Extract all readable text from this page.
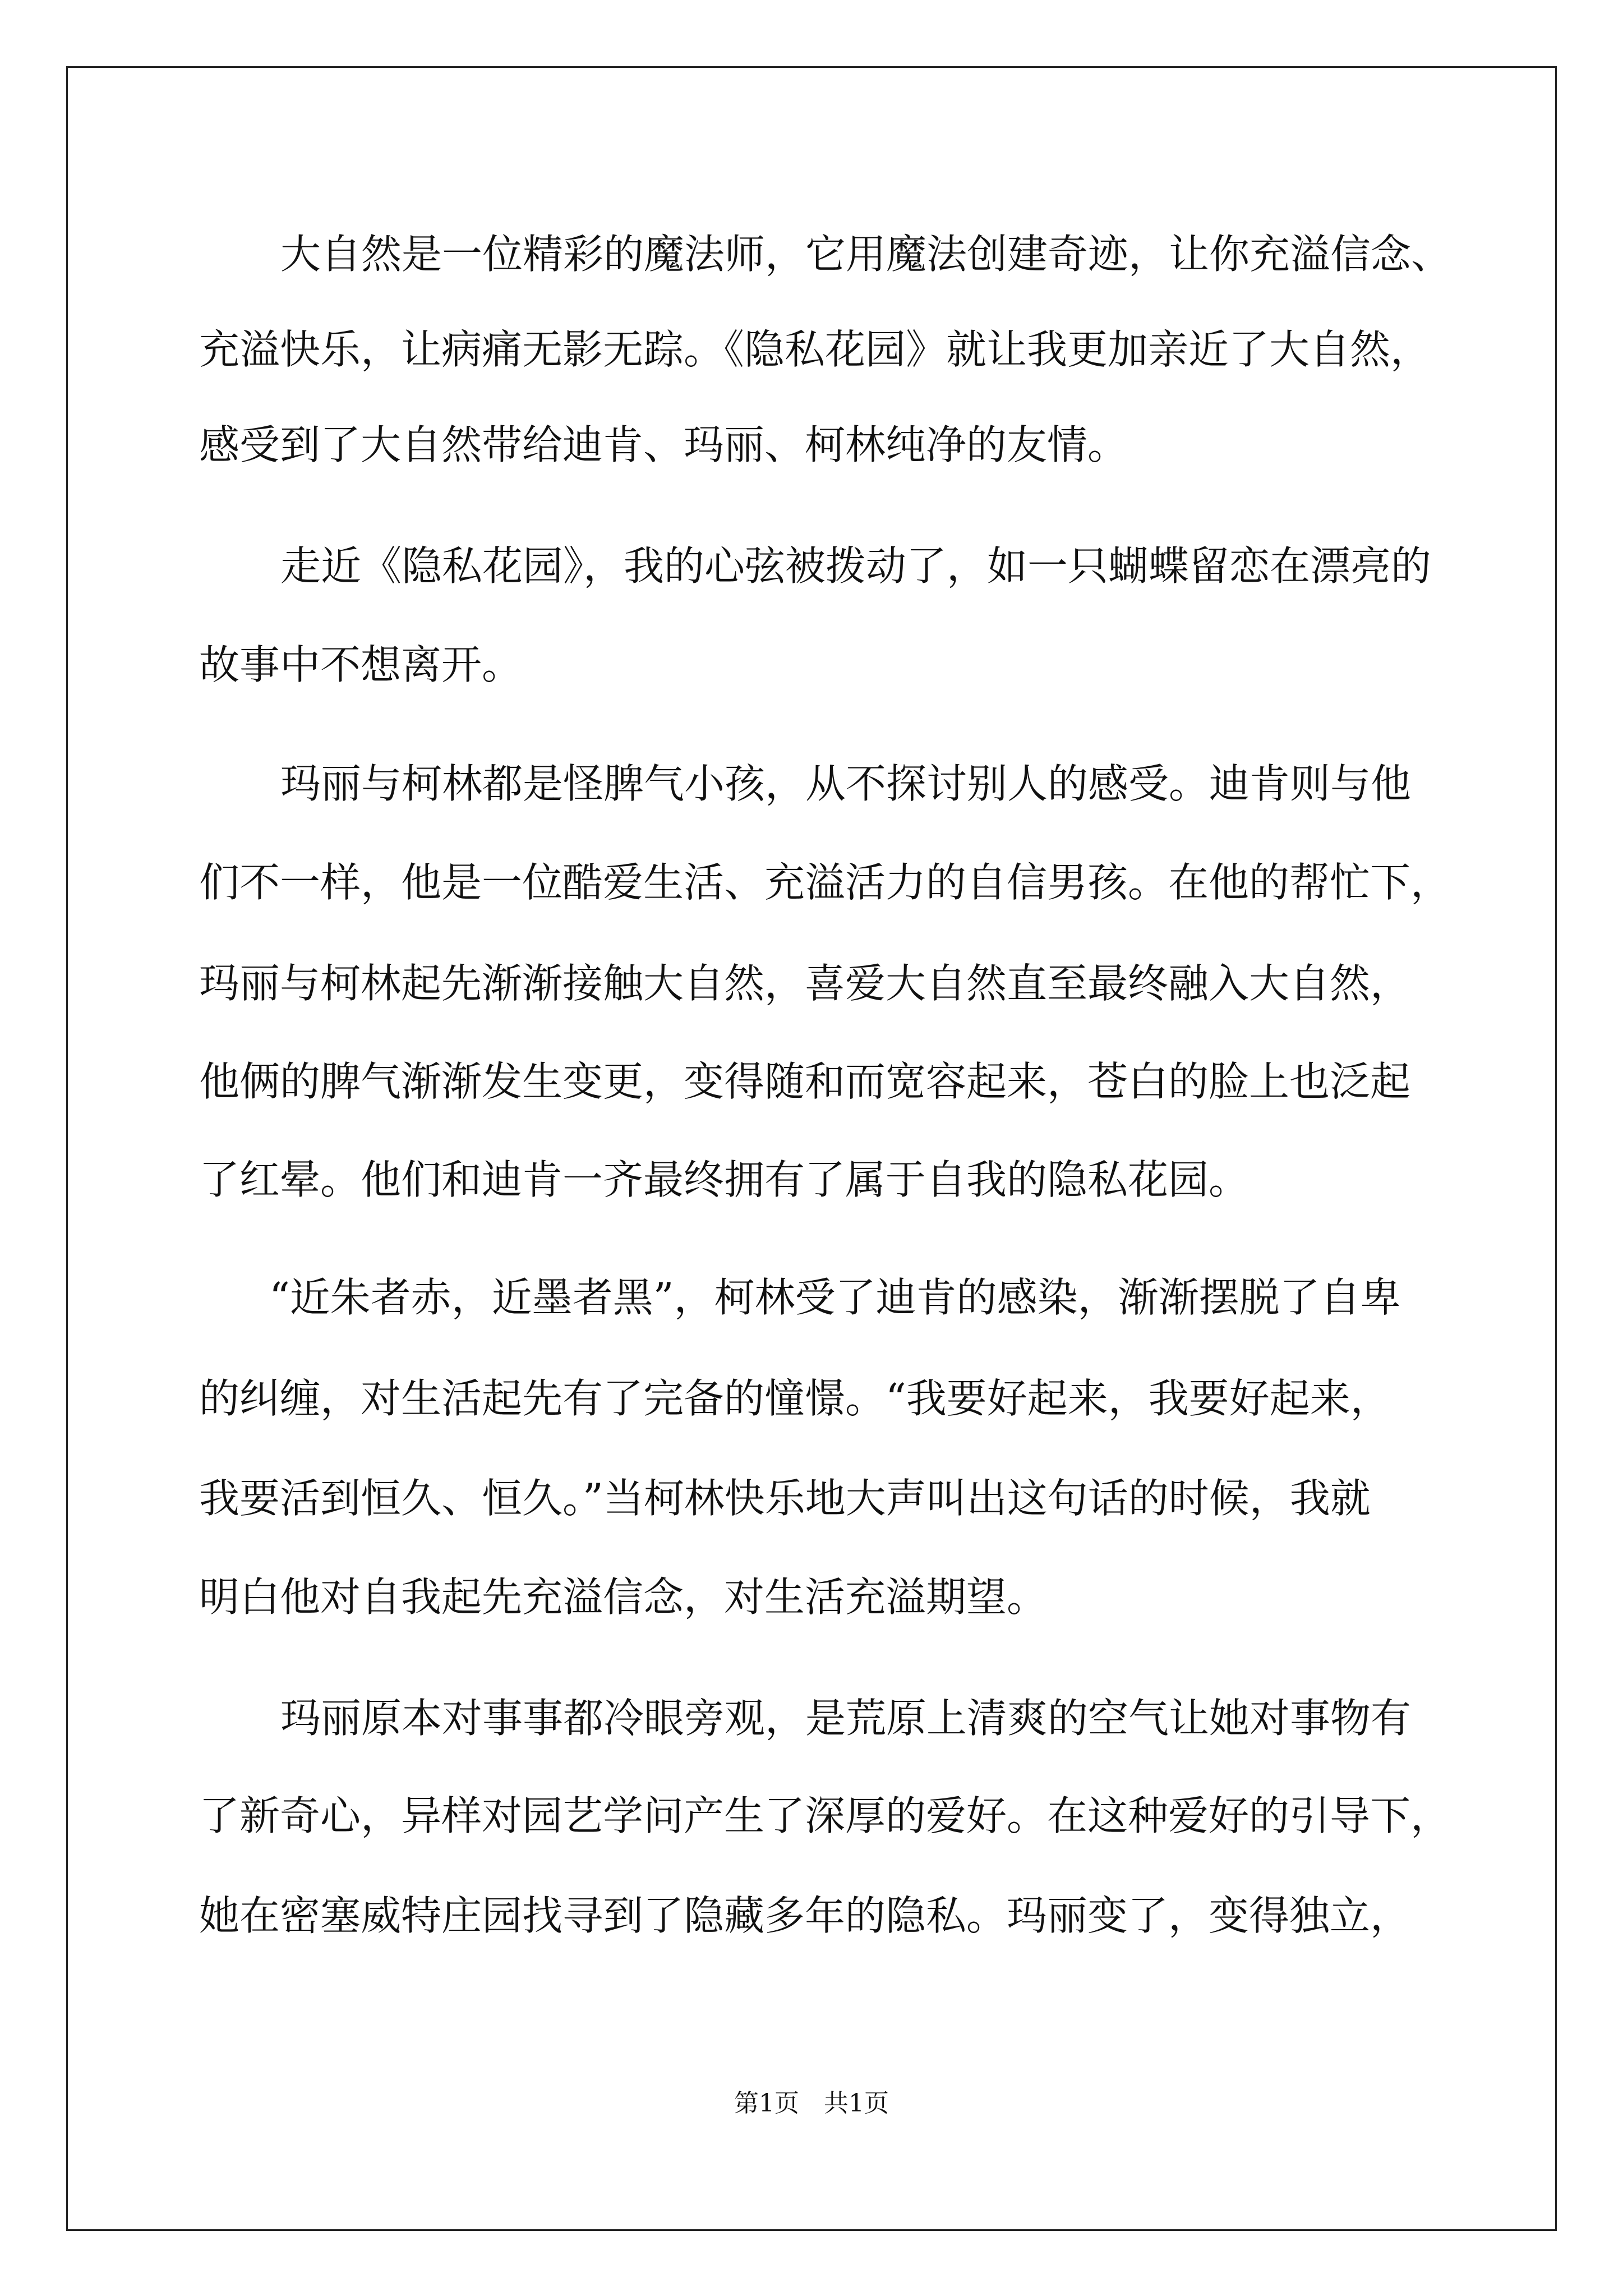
大自然是一位精彩的魔法师，它用魔法创建奇迹，让你充溢信念、
充溢快乐，让病痛无影无踪。《隐私花园》就让我更加亲近了大自然，
感受到了大自然带给迪肯、玛丽、柯林纯净的友情。
走近《隐私花园》，我的心弦被拨动了，如一只蝴蝶留恋在漂亮的
故事中不想离开。
玛丽与柯林都是怪脾气小孩，从不探讨别人的感受。迪肯则与他
们不一样，他是一位酷爱生活、充溢活力的自信男孩。在他的帮忙下，
玛丽与柯林起先渐渐接触大自然，喜爱大自然直至最终融入大自然，
他俩的脾气渐渐发生变更，变得随和而宽容起来，苍白的脸上也泛起
了红晕。他们和迪肯一齐最终拥有了属于自我的隐私花园。
“近朱者赤，近墨者黑”，柯林受了迪肯的感染，渐渐摆脱了自卑
的纠缠，对生活起先有了完备的憧憬。“我要好起来，我要好起来，
我要活到恒久、恒久。”当柯林快乐地大声叫出这句话的时候，我就
明白他对自我起先充溢信念，对生活充溢期望。
玛丽原本对事事都冷眼旁观，是荒原上清爽的空气让她对事物有
了新奇心，异样对园艺学问产生了深厚的爱好。在这种爱好的引导下，
她在密塞威特庄园找寻到了隐藏多年的隐私。玛丽变了，变得独立，
第1页　共1页
